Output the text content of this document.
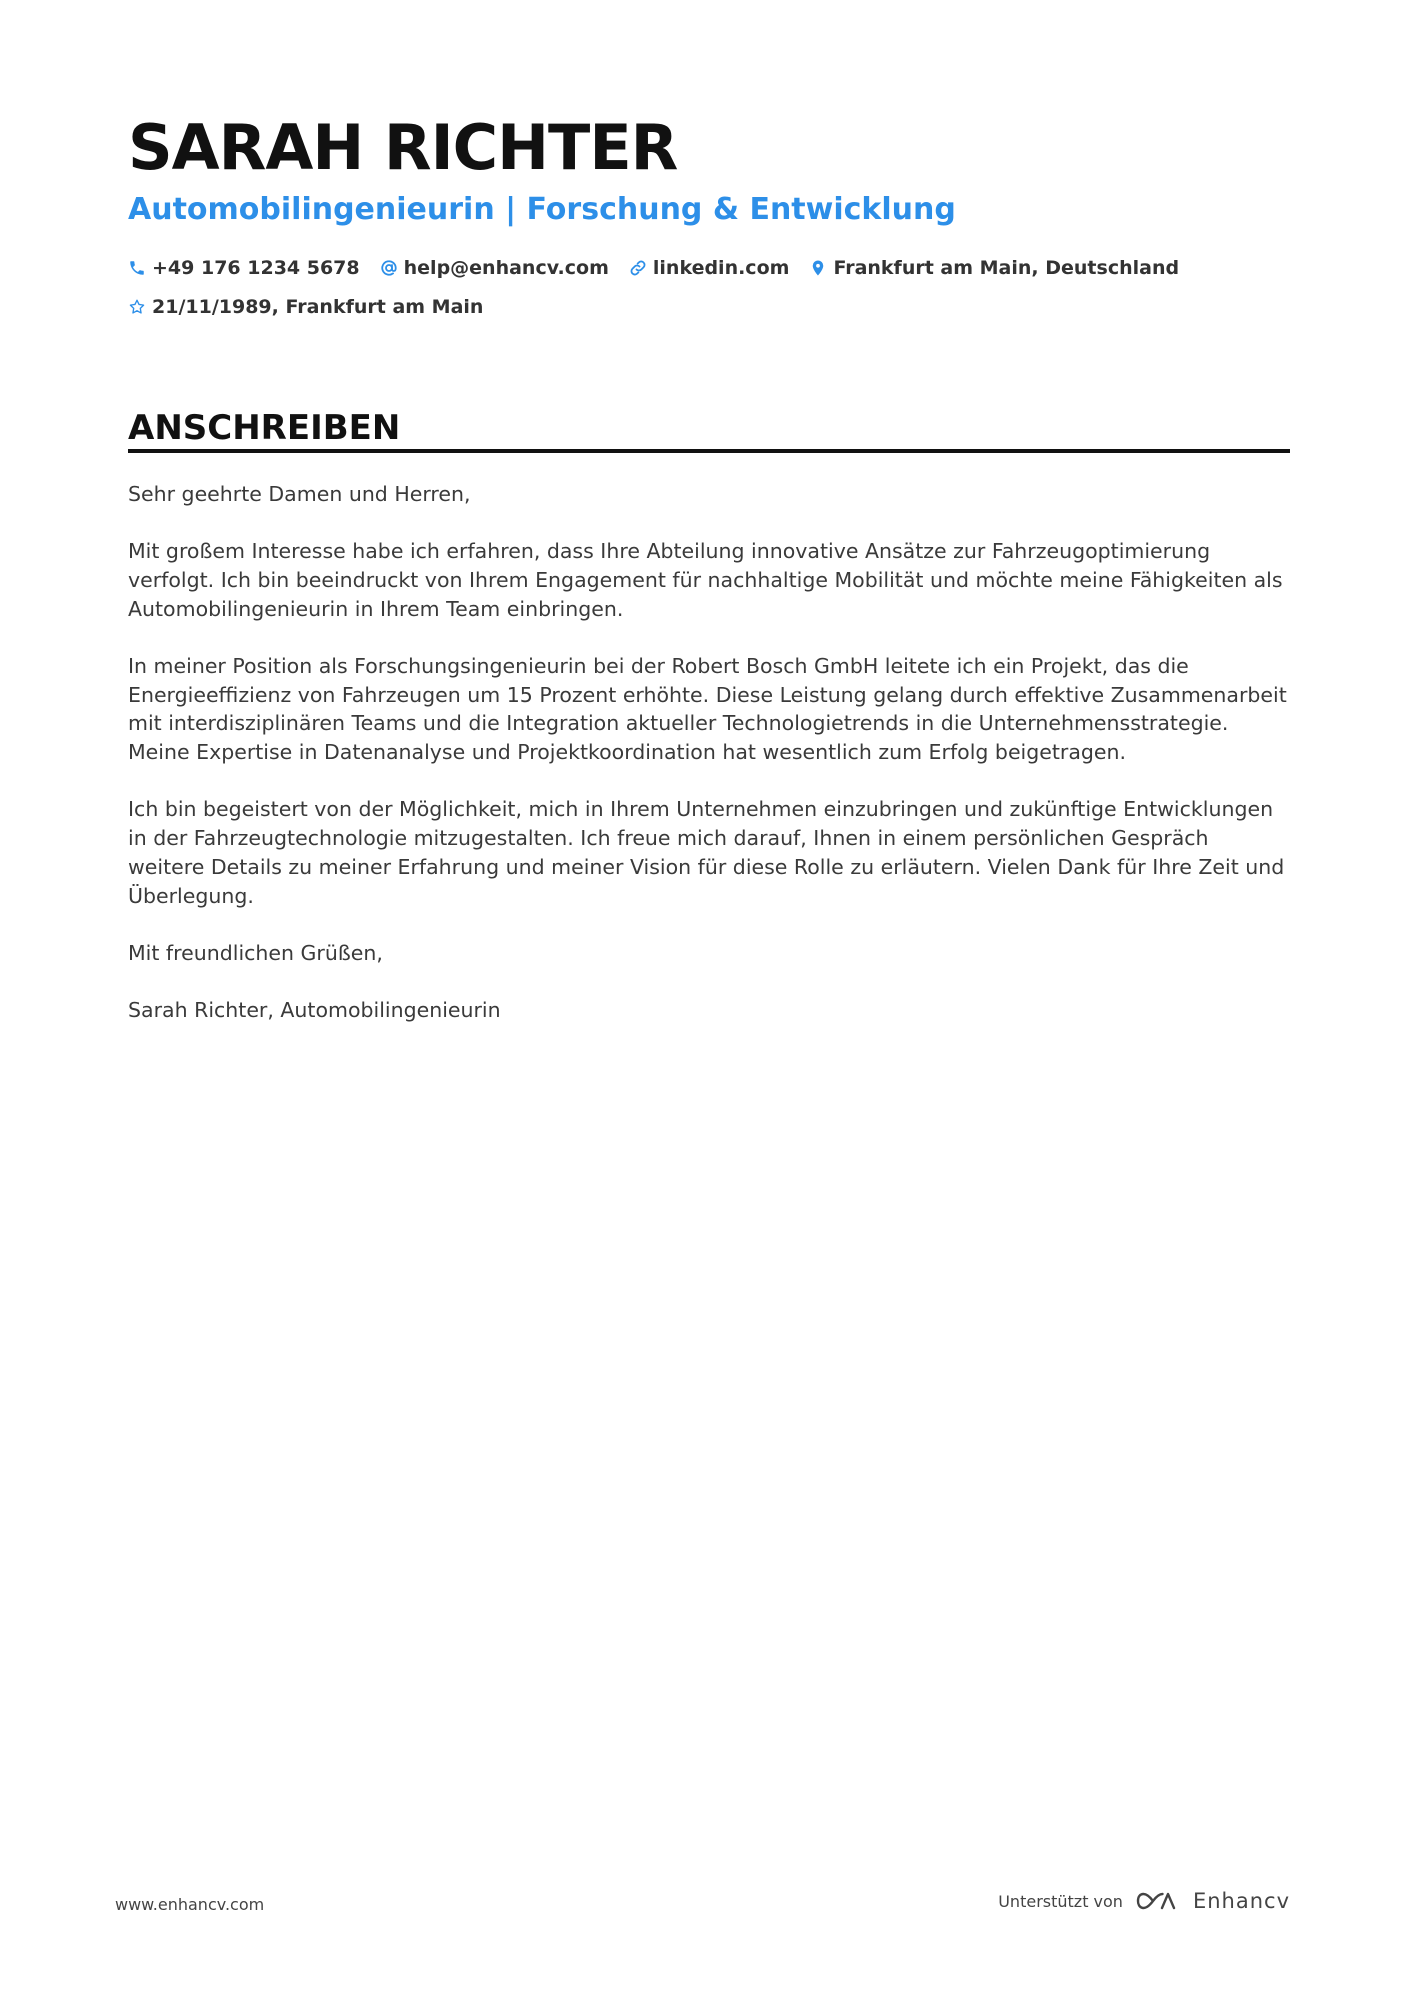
SARAH RICHTER
Automobilingenieurin | Forschung & Entwicklung
+49 176 1234 5678 help@enhancv.com linkedin.com Frankfurt am Main, Deutschland
21/11/1989, Frankfurt am Main
ANSCHREIBEN

Sehr geehrte Damen und Herren,

Mit großem Interesse habe ich erfahren, dass Ihre Abteilung innovative Ansätze zur Fahrzeugoptimierung verfolgt. Ich bin beeindruckt von Ihrem Engagement für nachhaltige Mobilität und möchte meine Fähigkeiten als Automobilingenieurin in Ihrem Team einbringen.

In meiner Position als Forschungsingenieurin bei der Robert Bosch GmbH leitete ich ein Projekt, das die Energieeffizienz von Fahrzeugen um 15 Prozent erhöhte. Diese Leistung gelang durch effektive Zusammenarbeit mit interdisziplinären Teams und die Integration aktueller Technologietrends in die Unternehmensstrategie. Meine Expertise in Datenanalyse und Projektkoordination hat wesentlich zum Erfolg beigetragen.

Ich bin begeistert von der Möglichkeit, mich in Ihrem Unternehmen einzubringen und zukünftige Entwicklungen in der Fahrzeugtechnologie mitzugestalten. Ich freue mich darauf, Ihnen in einem persönlichen Gespräch weitere Details zu meiner Erfahrung und meiner Vision für diese Rolle zu erläutern. Vielen Dank für Ihre Zeit und Überlegung.

Mit freundlichen Grüßen,

Sarah Richter, Automobilingenieurin

www.enhancv.com	Unterstützt von	Enhancv
